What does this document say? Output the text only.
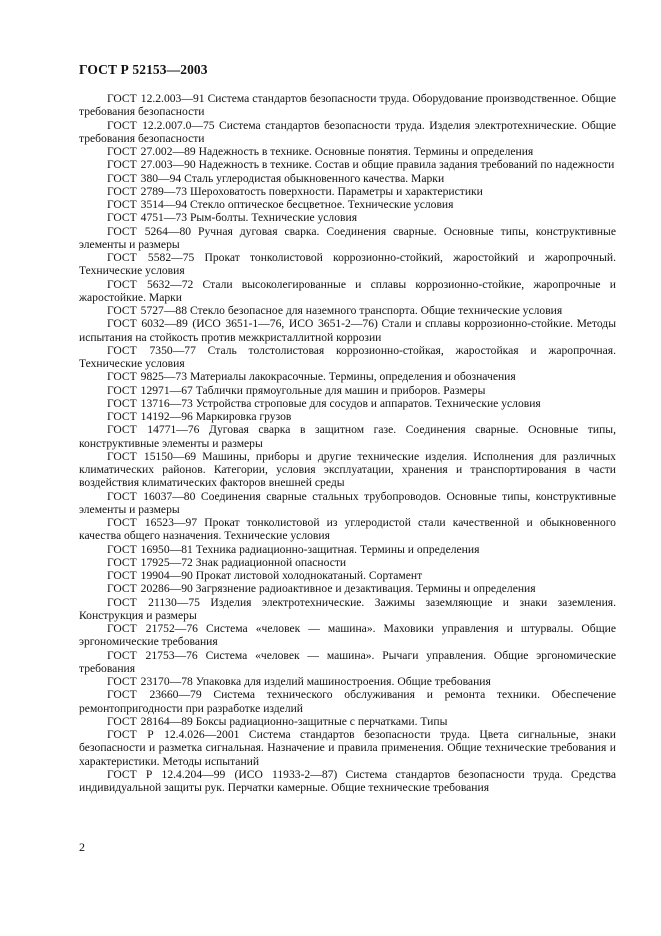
ГОСТ Р 52153—2003
ГОСТ 12.2.003—91 Система стандартов безопасности труда. Оборудование производственное. Общие требования безопасности
ГОСТ 12.2.007.0—75 Система стандартов безопасности труда. Изделия электротехнические. Общие требования безопасности
ГОСТ 27.002—89 Надежность в технике. Основные понятия. Термины и определения
ГОСТ 27.003—90 Надежность в технике. Состав и общие правила задания требований по надежности
ГОСТ 380—94 Сталь углеродистая обыкновенного качества. Марки
ГОСТ 2789—73 Шероховатость поверхности. Параметры и характеристики
ГОСТ 3514—94 Стекло оптическое бесцветное. Технические условия
ГОСТ 4751—73 Рым-болты. Технические условия
ГОСТ 5264—80 Ручная дуговая сварка. Соединения сварные. Основные типы, конструктивные элементы и размеры
ГОСТ 5582—75 Прокат тонколистовой коррозионно-стойкий, жаростойкий и жаропрочный. Технические условия
ГОСТ 5632—72 Стали высоколегированные и сплавы коррозионно-стойкие, жаропрочные и жаростойкие. Марки
ГОСТ 5727—88 Стекло безопасное для наземного транспорта. Общие технические условия
ГОСТ 6032—89 (ИСО 3651-1—76, ИСО 3651-2—76) Стали и сплавы коррозионно-стойкие. Методы испытания на стойкость против межкристаллитной коррозии
ГОСТ 7350—77 Сталь толстолистовая коррозионно-стойкая, жаростойкая и жаропрочная. Технические условия
ГОСТ 9825—73 Материалы лакокрасочные. Термины, определения и обозначения
ГОСТ 12971—67 Таблички прямоугольные для машин и приборов. Размеры
ГОСТ 13716—73 Устройства строповые для сосудов и аппаратов. Технические условия
ГОСТ 14192—96 Маркировка грузов
ГОСТ 14771—76 Дуговая сварка в защитном газе. Соединения сварные. Основные типы, конструктивные элементы и размеры
ГОСТ 15150—69 Машины, приборы и другие технические изделия. Исполнения для различных климатических районов. Категории, условия эксплуатации, хранения и транспортирования в части воздействия климатических факторов внешней среды
ГОСТ 16037—80 Соединения сварные стальных трубопроводов. Основные типы, конструктивные элементы и размеры
ГОСТ 16523—97 Прокат тонколистовой из углеродистой стали качественной и обыкновенного качества общего назначения. Технические условия
ГОСТ 16950—81 Техника радиационно-защитная. Термины и определения
ГОСТ 17925—72 Знак радиационной опасности
ГОСТ 19904—90 Прокат листовой холоднокатаный. Сортамент
ГОСТ 20286—90 Загрязнение радиоактивное и дезактивация. Термины и определения
ГОСТ 21130—75 Изделия электротехнические. Зажимы заземляющие и знаки заземления. Конструкция и размеры
ГОСТ 21752—76 Система «человек — машина». Маховики управления и штурвалы. Общие эргономические требования
ГОСТ 21753—76 Система «человек — машина». Рычаги управления. Общие эргономические требования
ГОСТ 23170—78 Упаковка для изделий машиностроения. Общие требования
ГОСТ 23660—79 Система технического обслуживания и ремонта техники. Обеспечение ремонтопригодности при разработке изделий
ГОСТ 28164—89 Боксы радиационно-защитные с перчатками. Типы
ГОСТ Р 12.4.026—2001 Система стандартов безопасности труда. Цвета сигнальные, знаки безопасности и разметка сигнальная. Назначение и правила применения. Общие технические требования и характеристики. Методы испытаний
ГОСТ Р 12.4.204—99 (ИСО 11933-2—87) Система стандартов безопасности труда. Средства индивидуальной защиты рук. Перчатки камерные. Общие технические требования
2
